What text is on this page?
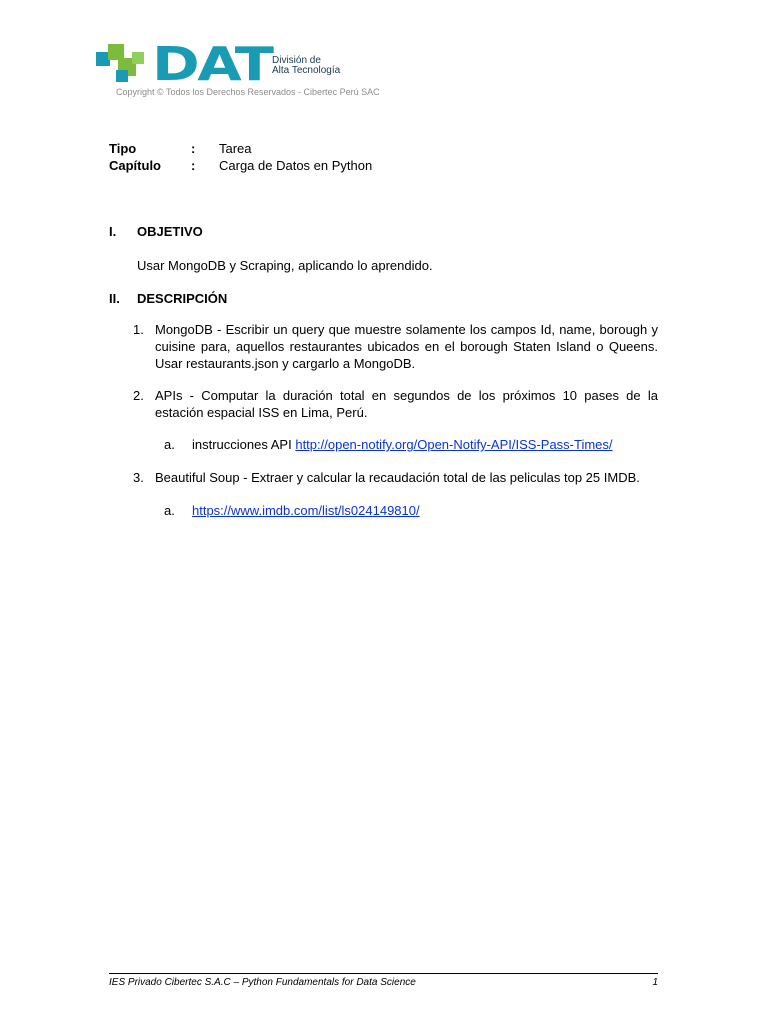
DAT División de
Alta Tecnología
Copyright © Todos los Derechos Reservados - Cibertec Perú SAC
Tipo	: Tarea
Capítulo : Carga de Datos en Python
I. OBJETIVO
Usar MongoDB y Scraping, aplicando lo aprendido.
II. DESCRIPCIÓN
1. MongoDB - Escribir un query que muestre solamente los campos Id, name, borough y cuisine para, aquellos restaurantes ubicados en el borough Staten Island o Queens. Usar restaurants.json y cargarlo a MongoDB.
2. APIs - Computar la duración total en segundos de los próximos 10 pases de la estación espacial ISS en Lima, Perú.
a. instrucciones API http://open-notify.org/Open-Notify-API/ISS-Pass-Times/
3. Beautiful Soup - Extraer y calcular la recaudación total de las peliculas top 25 IMDB.
a. https://www.imdb.com/list/ls024149810/
IES Privado Cibertec S.A.C – Python Fundamentals for Data Science	1
